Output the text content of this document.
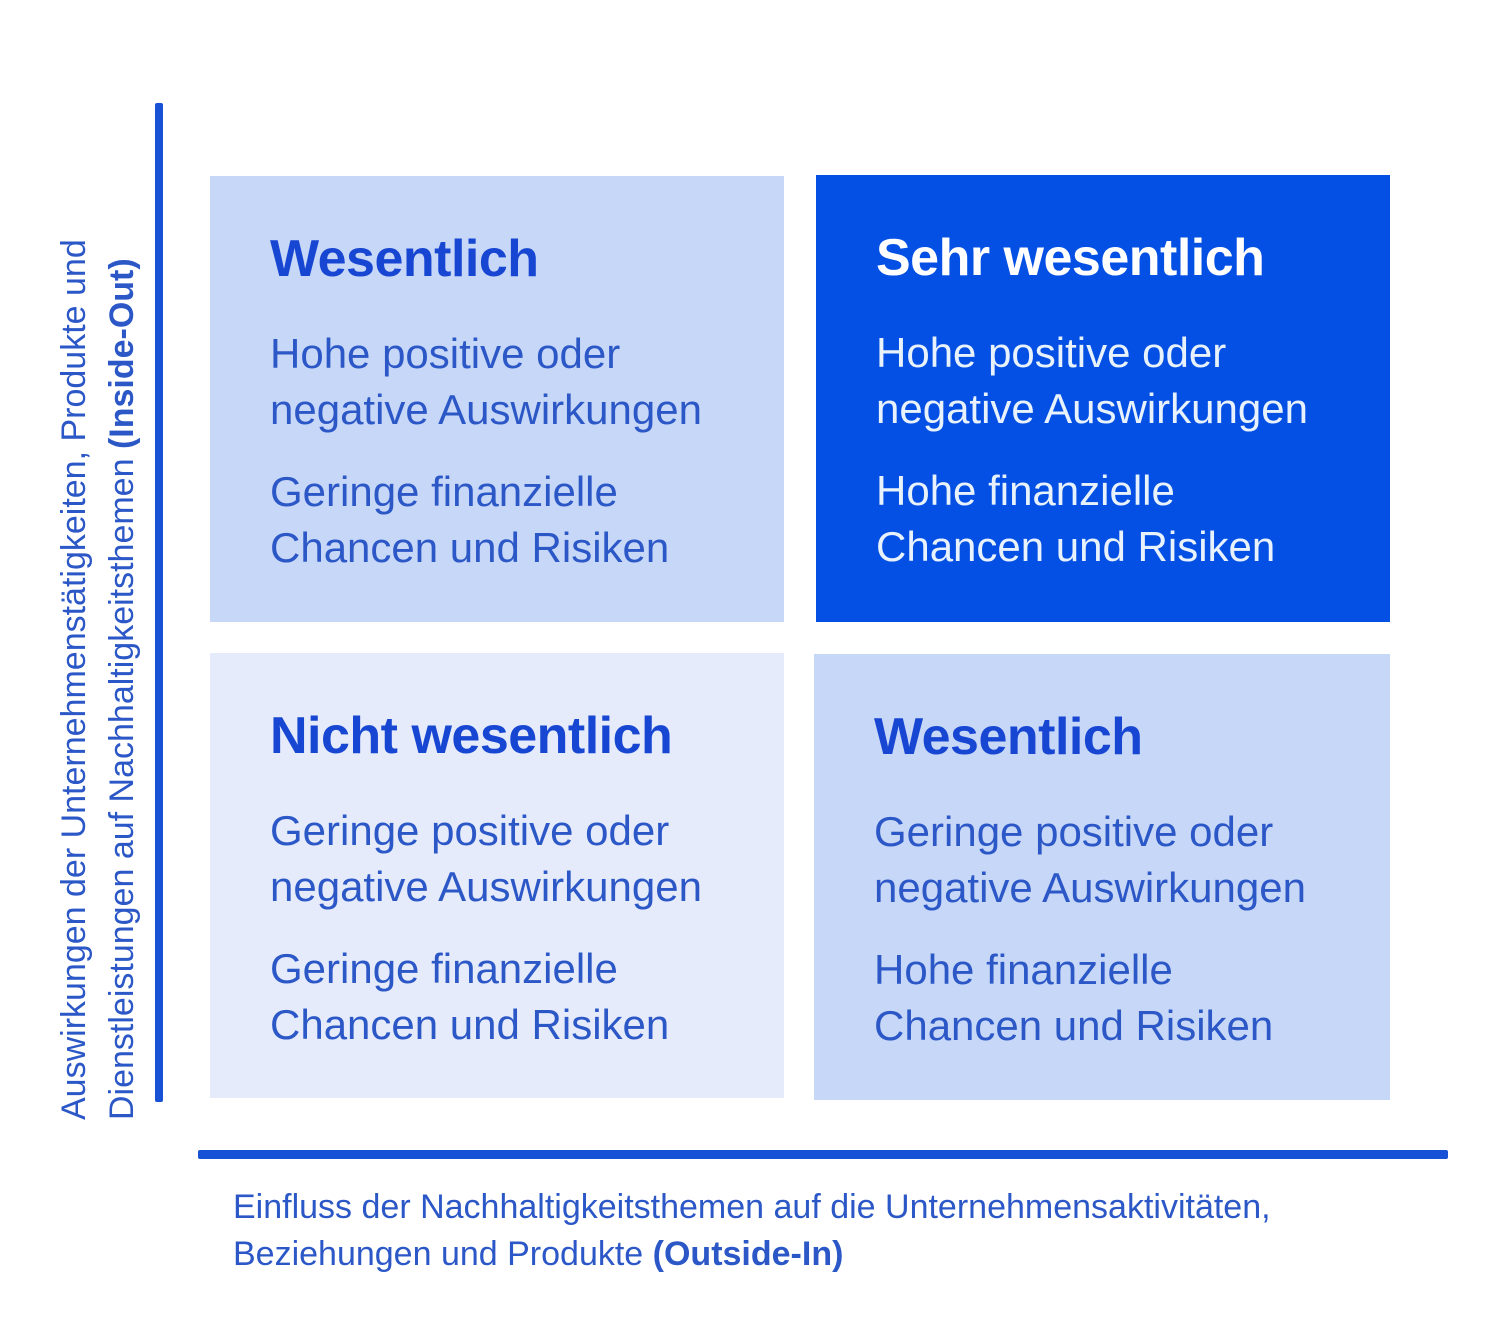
Auswirkungen der Unternehmenstätigkeiten, Produkte und Dienstleistungen auf Nachhaltigkeitsthemen (Inside-Out) Wesentlich

Hohe positive oder negative Auswirkungen

Geringe finanzielle Chancen und Risiken

Sehr wesentlich

Hohe positive oder negative Auswirkungen

Hohe finanzielle Chancen und Risiken

Nicht wesentlich

Geringe positive oder negative Auswirkungen

Geringe finanzielle Chancen und Risiken

Wesentlich

Geringe positive oder negative Auswirkungen

Hohe finanzielle Chancen und Risiken

Einfluss der Nachhaltigkeitsthemen auf die Unternehmensaktivitäten,
Beziehungen und Produkte (Outside-In)
